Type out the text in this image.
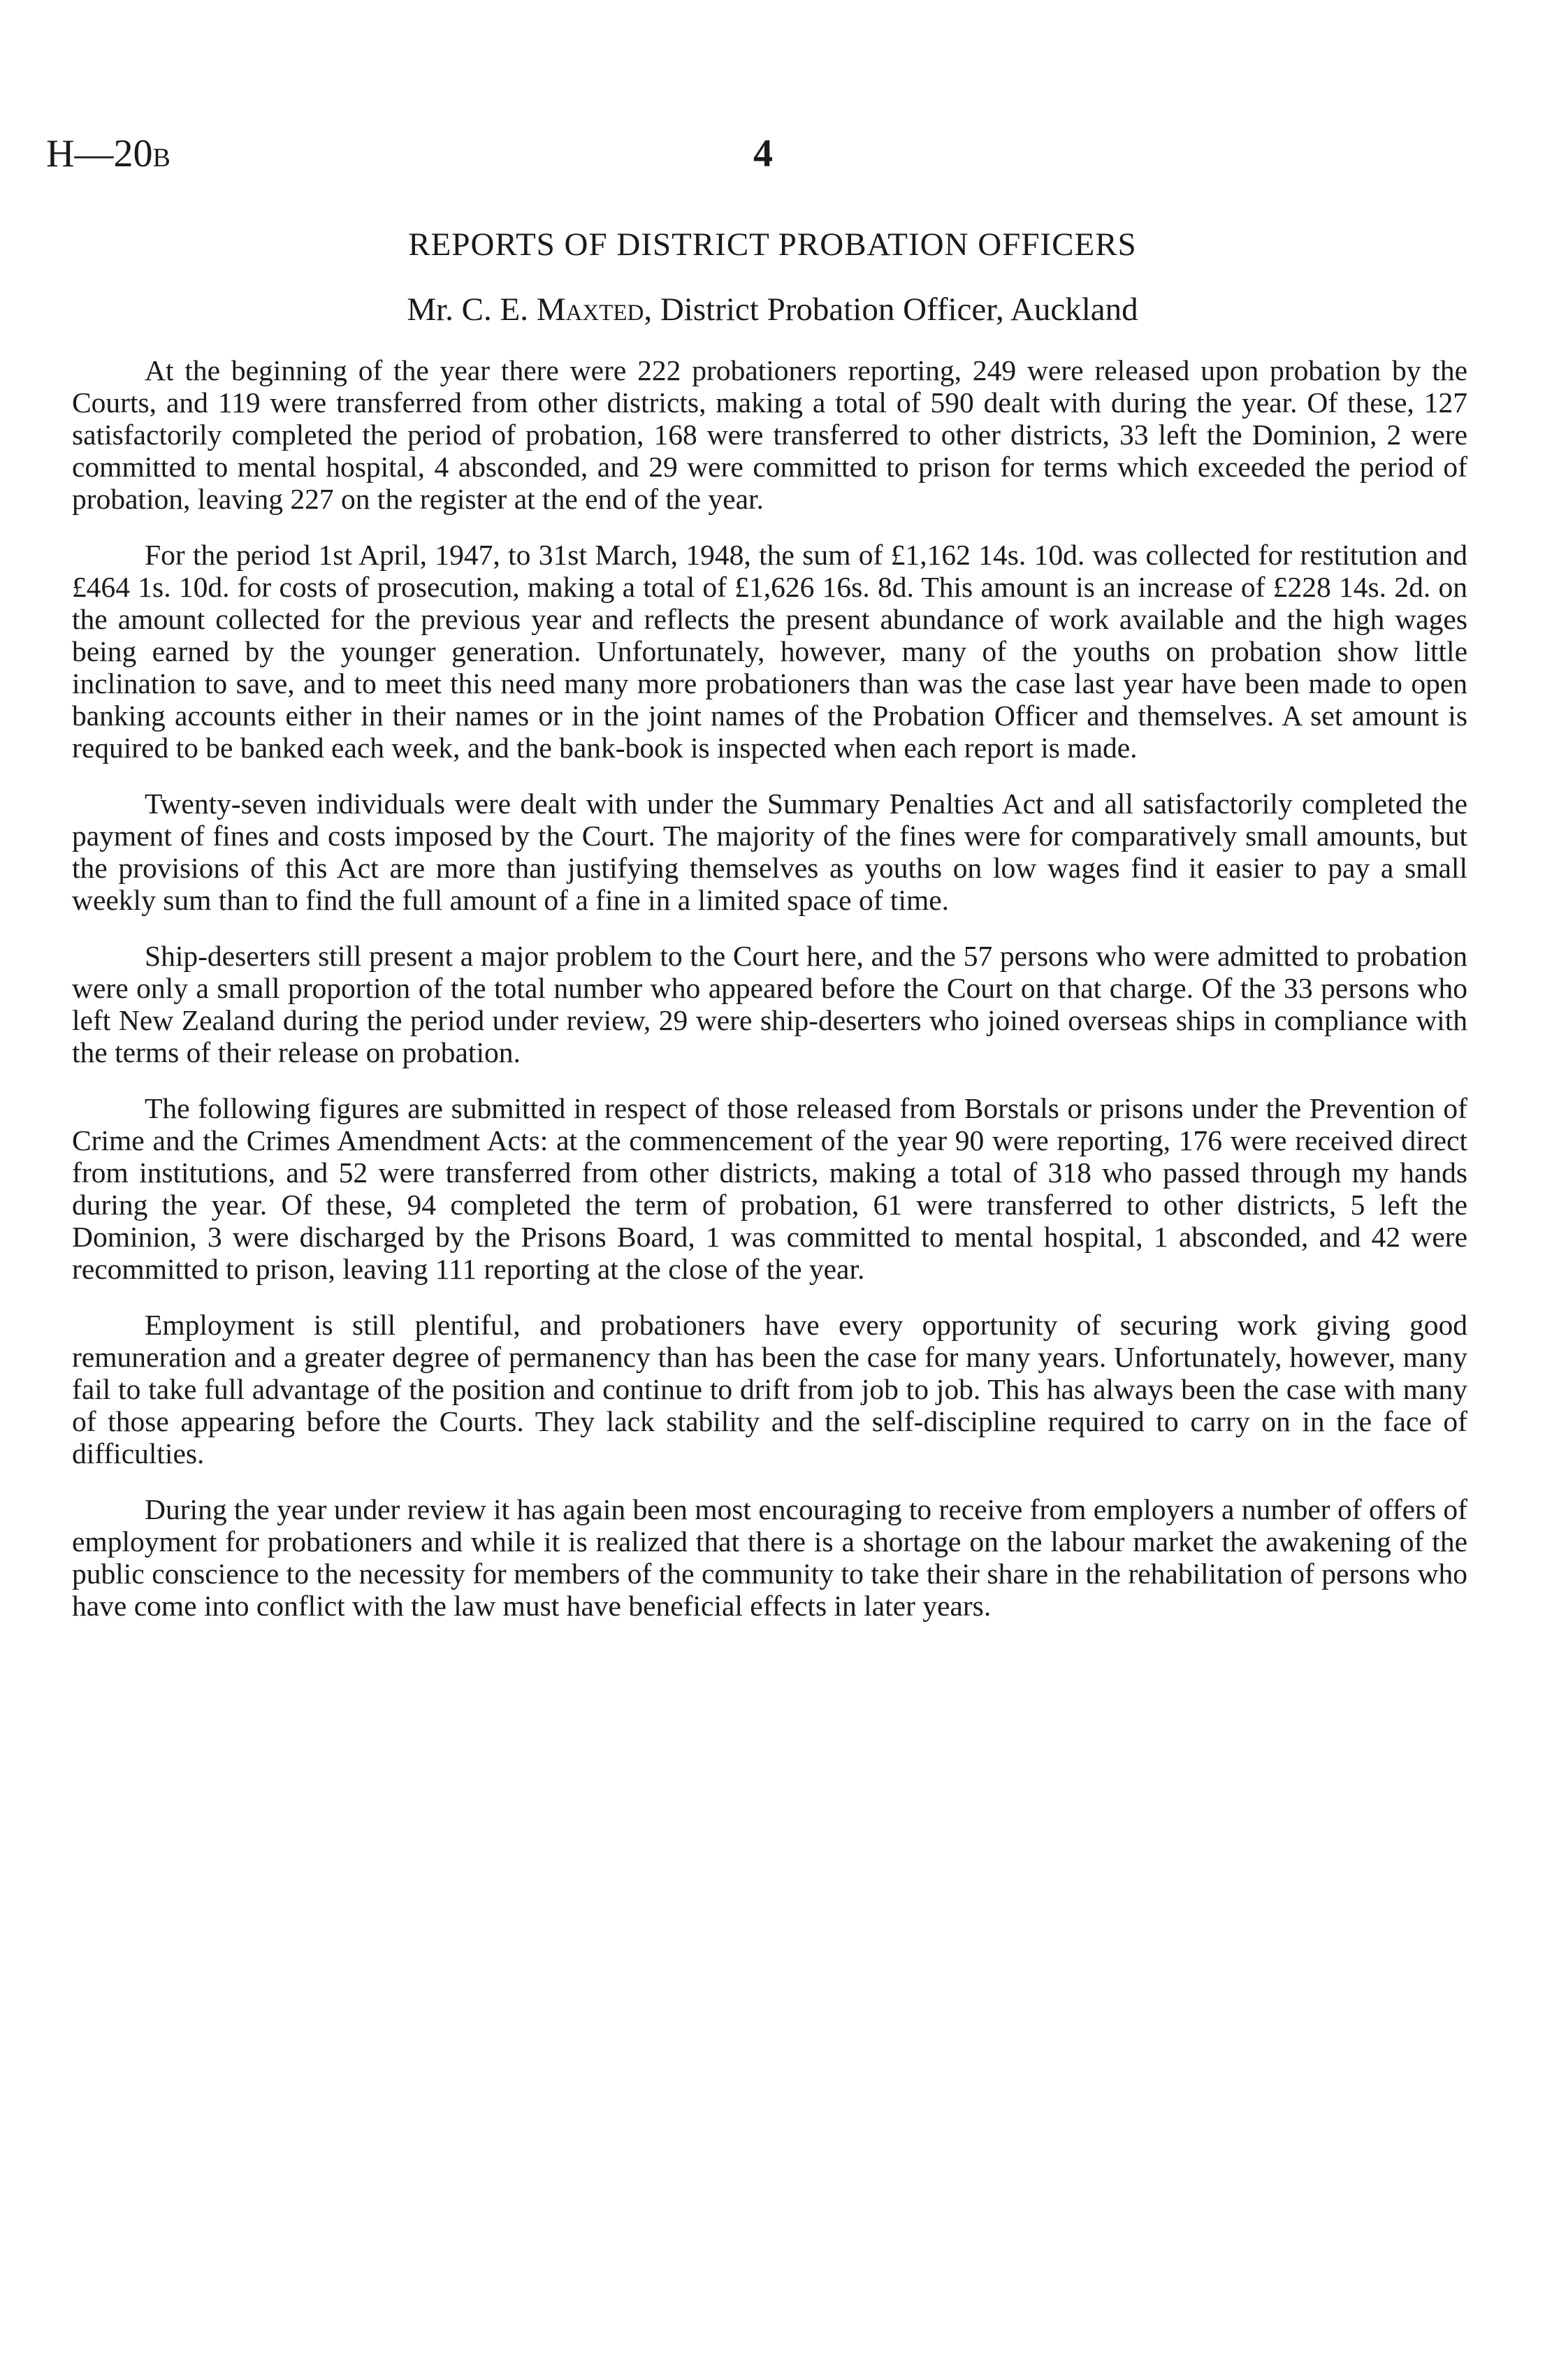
H—20B	4
REPORTS OF DISTRICT PROBATION OFFICERS
Mr. C. E. Maxted, District Probation Officer, Auckland

At the beginning of the year there were 222 probationers reporting, 249 were released upon probation by the Courts, and 119 were transferred from other districts, making a total of 590 dealt with during the year. Of these, 127 satisfactorily completed the period of probation, 168 were transferred to other districts, 33 left the Dominion, 2 were committed to mental hospital, 4 absconded, and 29 were committed to prison for terms which exceeded the period of probation, leaving 227 on the register at the end of the year.

For the period 1st April, 1947, to 31st March, 1948, the sum of £1,162 14s. 10d. was collected for restitution and £464 1s. 10d. for costs of prosecution, making a total of £1,626 16s. 8d. This amount is an increase of £228 14s. 2d. on the amount collected for the previous year and reflects the present abundance of work available and the high wages being earned by the younger generation. Unfortunately, however, many of the youths on probation show little inclination to save, and to meet this need many more probationers than was the case last year have been made to open banking accounts either in their names or in the joint names of the Probation Officer and themselves. A set amount is required to be banked each week, and the bank-book is inspected when each report is made.

Twenty-seven individuals were dealt with under the Summary Penalties Act and all satisfactorily completed the payment of fines and costs imposed by the Court. The majority of the fines were for comparatively small amounts, but the provisions of this Act are more than justifying themselves as youths on low wages find it easier to pay a small weekly sum than to find the full amount of a fine in a limited space of time.

Ship-deserters still present a major problem to the Court here, and the 57 persons who were admitted to probation were only a small proportion of the total number who appeared before the Court on that charge. Of the 33 persons who left New Zealand during the period under review, 29 were ship-deserters who joined overseas ships in compliance with the terms of their release on probation.

The following figures are submitted in respect of those released from Borstals or prisons under the Prevention of Crime and the Crimes Amendment Acts: at the commencement of the year 90 were reporting, 176 were received direct from institutions, and 52 were transferred from other districts, making a total of 318 who passed through my hands during the year. Of these, 94 completed the term of probation, 61 were transferred to other districts, 5 left the Dominion, 3 were discharged by the Prisons Board, 1 was committed to mental hospital, 1 absconded, and 42 were recommitted to prison, leaving 111 reporting at the close of the year.

Employment is still plentiful, and probationers have every opportunity of securing work giving good remuneration and a greater degree of permanency than has been the case for many years. Unfortunately, however, many fail to take full advantage of the position and continue to drift from job to job. This has always been the case with many of those appearing before the Courts. They lack stability and the self-discipline required to carry on in the face of difficulties.

During the year under review it has again been most encouraging to receive from employers a number of offers of employment for probationers and while it is realized that there is a shortage on the labour market the awakening of the public conscience to the necessity for members of the community to take their share in the rehabilitation of persons who have come into conflict with the law must have beneficial effects in later years.
